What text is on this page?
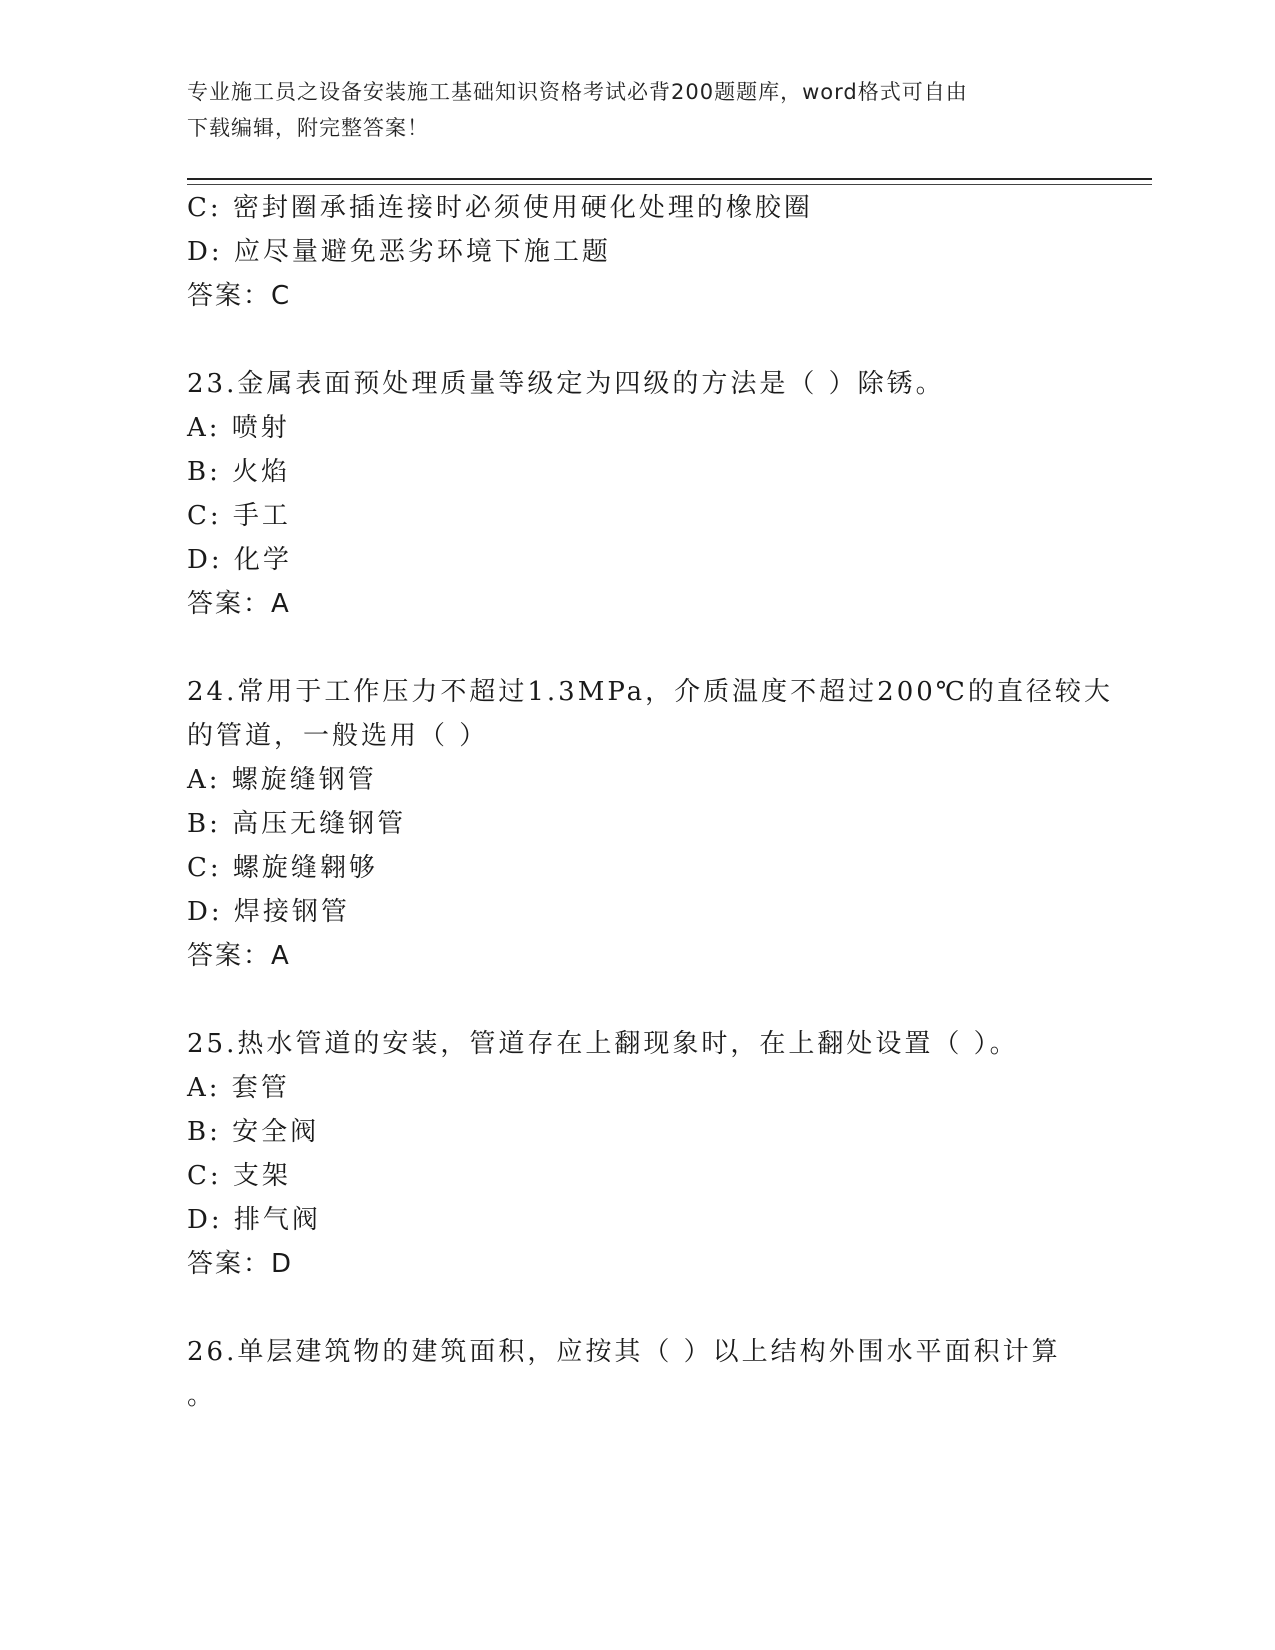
专业施工员之设备安装施工基础知识资格考试必背200题题库，word格式可自由
下载编辑，附完整答案！
C: 密封圈承插连接时必须使用硬化处理的橡胶圈
D: 应尽量避免恶劣环境下施工题
答案：C
23.金属表面预处理质量等级定为四级的方法是（ ）除锈。
A: 喷射
B: 火焰
C: 手工
D: 化学
答案：A
24.常用于工作压力不超过1.3MPa，介质温度不超过200℃的直径较大
的管道，一般选用（ ）
A: 螺旋缝钢管
B: 高压无缝钢管
C: 螺旋缝翱够
D: 焊接钢管
答案：A
25.热水管道的安装，管道存在上翻现象时，在上翻处设置（ ）。
A: 套管
B: 安全阀
C: 支架
D: 排气阀
答案：D
26.单层建筑物的建筑面积，应按其（ ）以上结构外围水平面积计算
。
